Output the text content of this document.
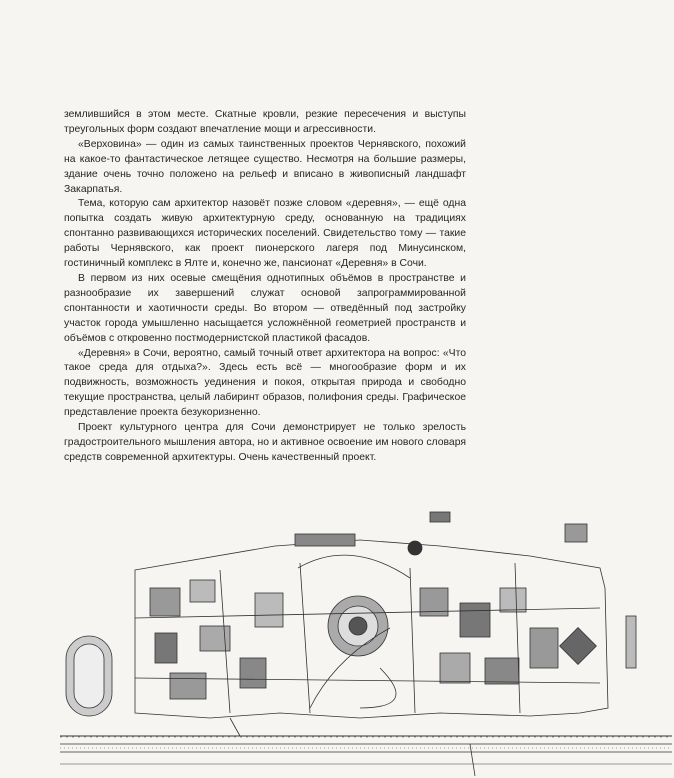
землившийся в этом месте. Скатные кровли, резкие пересечения и выступы треугольных форм создают впечатление мощи и агрессивности.

«Верховина» — один из самых таинственных проектов Чернявского, похожий на какое-то фантастическое летящее существо. Несмотря на большие размеры, здание очень точно положено на рельеф и вписано в живописный ландшафт Закарпатья.

Тема, которую сам архитектор назовёт позже словом «деревня», — ещё одна попытка создать живую архитектурную среду, основанную на традициях спонтанно развивающихся исторических поселений. Свидетельство тому — такие работы Чернявского, как проект пионерского лагеря под Минусинском, гостиничный комплекс в Ялте и, конечно же, пансионат «Деревня» в Сочи.

В первом из них осевые смещёния однотипных объёмов в пространстве и разнообразие их завершений служат основой запрограммированной спонтанности и хаотичности среды. Во втором — отведённый под застройку участок города умышленно насыщается усложнённой геометрией пространств и объёмов с откровенно постмодернистской пластикой фасадов.

«Деревня» в Сочи, вероятно, самый точный ответ архитектора на вопрос: «Что такое среда для отдыха?». Здесь есть всё — многообразие форм и их подвижность, возможность уединения и покоя, открытая природа и свободно текущие пространства, целый лабиринт образов, полифония среды. Графическое представление проекта безукоризненно.

Проект культурного центра для Сочи демонстрирует не только зрелость градостроительного мышления автора, но и активное освоение им нового словаря средств современной архитектуры. Очень качественный проект.
